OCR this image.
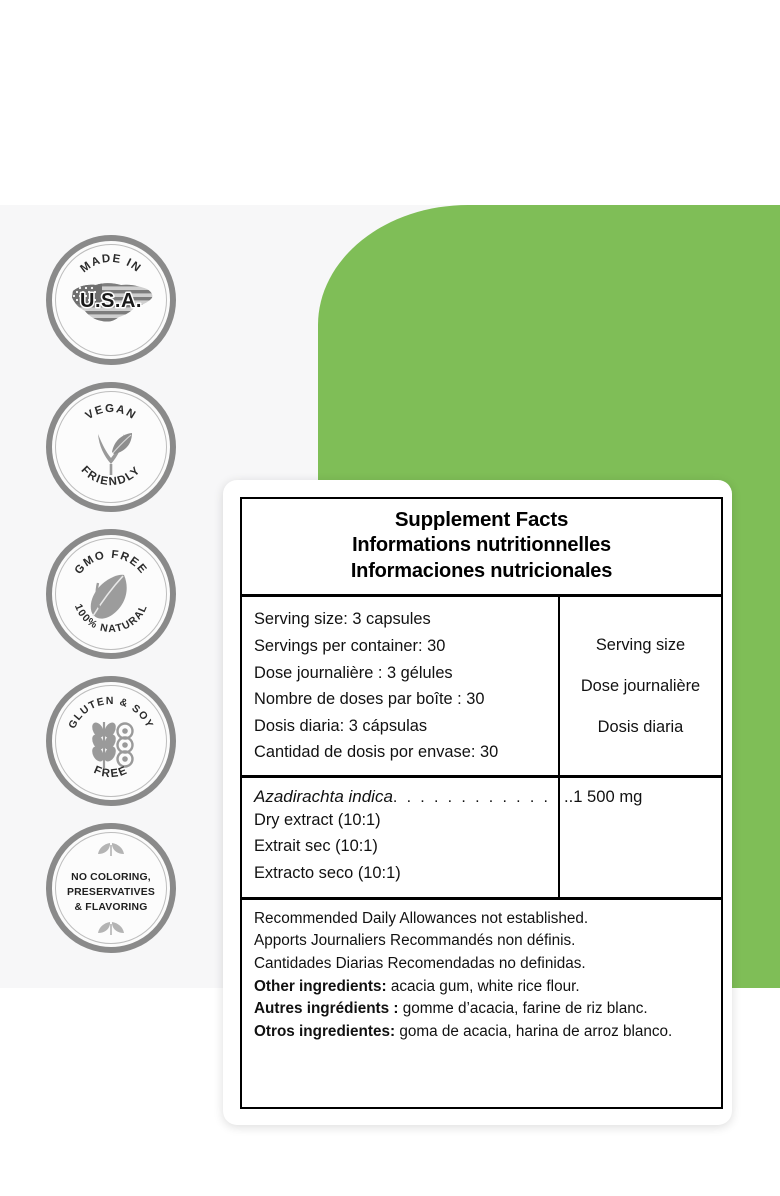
MADE IN
U.S.A.
VEGAN
FRIENDLY
GMO FREE
100% NATURAL
GLUTEN & SOY
FREE
NO COLORING,
PRESERVATIVES
& FLAVORING
Supplement Facts
Informations nutritionnelles
Informaciones nutricionales
Serving size: 3 capsules
Servings per container: 30
Dose journalière : 3 gélules
Nombre de doses par boîte : 30
Dosis diaria: 3 cápsulas
Cantidad de dosis por envase: 30
Serving size
Dose journalière
Dosis diaria
Azadirachta indica. . . . . . . . . . . .
Dry extract (10:1)
Extrait sec (10:1)
Extracto seco (10:1)
..1 500 mg
Recommended Daily Allowances not established.
Apports Journaliers Recommandés non définis.
Cantidades Diarias Recomendadas no definidas.
Other ingredients: acacia gum, white rice flour.
Autres ingrédients : gomme d’acacia, farine de riz blanc.
Otros ingredientes: goma de acacia, harina de arroz blanco.
